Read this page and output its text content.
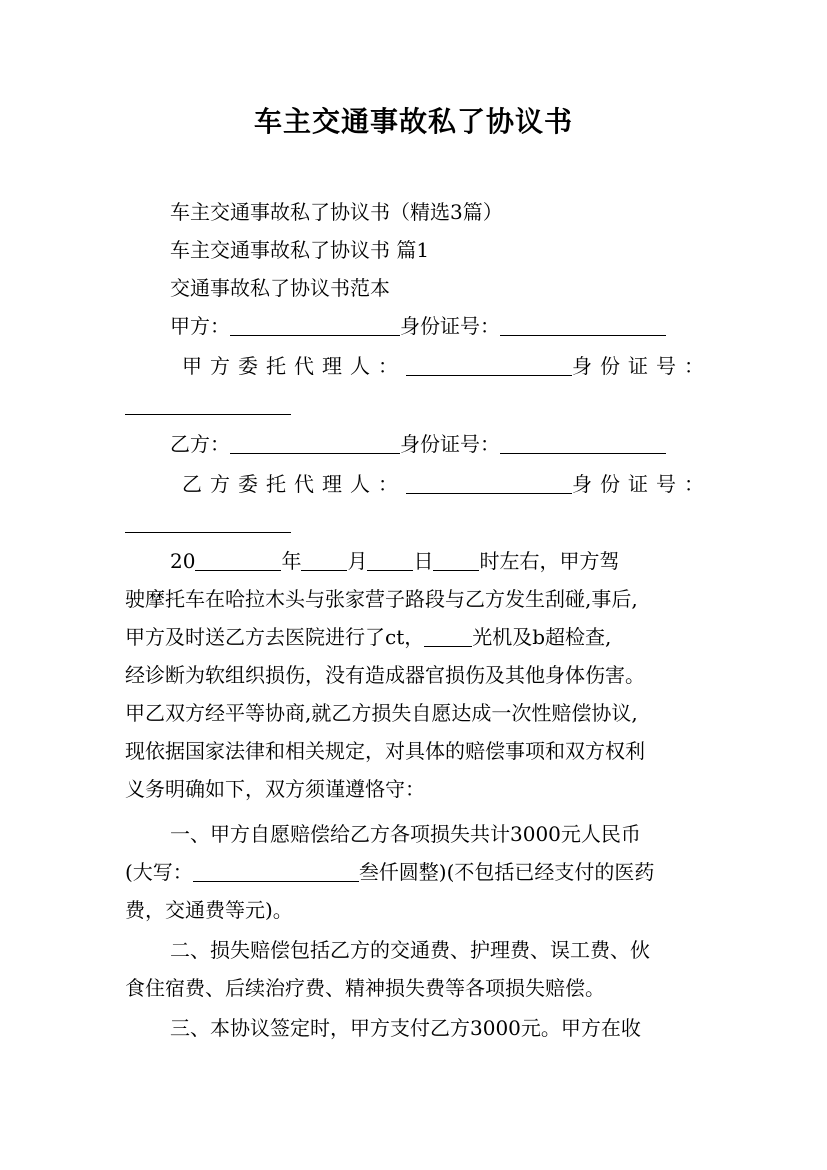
车主交通事故私了协议书
车主交通事故私了协议书（精选3篇）
车主交通事故私了协议书 篇1
交通事故私了协议书范本
甲方：	身份证号：
甲方委托代理人：	身份证号：
乙方：	身份证号：
乙方委托代理人：	身份证号：
20	年 月 日 时左右，甲方驾
驶摩托车在哈拉木头与张家营子路段与乙方发生刮碰,事后,
甲方及时送乙方去医院进行了ct， 光机及b超检查,
经诊断为软组织损伤，没有造成器官损伤及其他身体伤害。
甲乙双方经平等协商,就乙方损失自愿达成一次性赔偿协议,
现依据国家法律和相关规定，对具体的赔偿事项和双方权利
义务明确如下，双方须谨遵恪守：
一、甲方自愿赔偿给乙方各项损失共计3000元人民币
(大写：	叁仟圆整)(不包括已经支付的医药
费，交通费等元)。
二、损失赔偿包括乙方的交通费、护理费、误工费、伙
食住宿费、后续治疗费、精神损失费等各项损失赔偿。
三、本协议签定时，甲方支付乙方3000元。甲方在收
